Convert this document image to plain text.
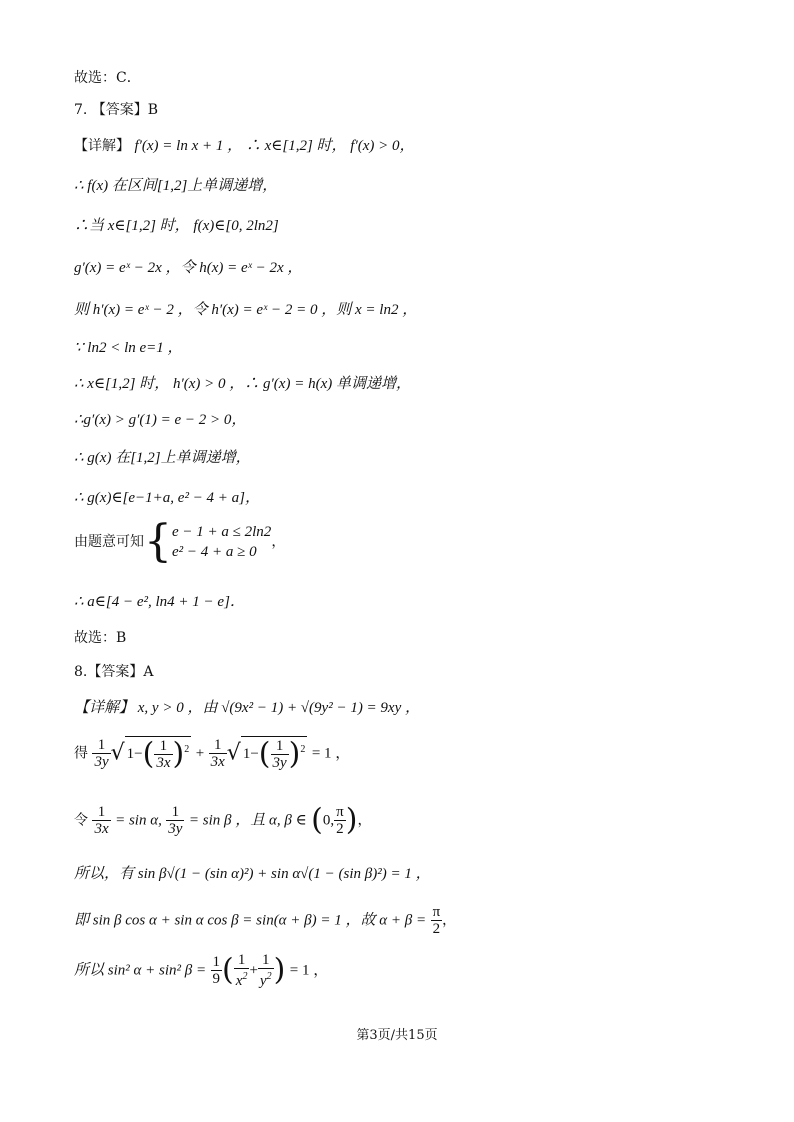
故选：C．
7. 【答案】B
【详解】 f′(x) = ln x + 1 ， ∴ x∈[1,2] 时， f′(x) > 0，
∴ f(x) 在区间[1,2]上单调递增，
∴当 x∈[1,2] 时， f(x)∈[0, 2ln2]
g′(x) = eˣ − 2x ，令 h(x) = eˣ − 2x ，
则 h′(x) = eˣ − 2 ，令 h′(x) = eˣ − 2 = 0 ，则 x = ln2 ，
∵ ln2 < ln e=1 ，
∴ x∈[1,2] 时， h′(x) > 0 ，∴ g′(x) = h(x) 单调递增，
∴g′(x) > g′(1) = e − 2 > 0，
∴ g(x) 在[1,2]上单调递增，
∴ g(x)∈[e−1+a, e² − 4 + a]，
由题意可知{ e − 1 + a ≤ 2ln2
e² − 4 + a ≥ 0
，
∴ a∈[4 − e², ln4 + 1 − e]．
故选：B
8.【答案】A
【详解】 x, y > 0 ，由 √(9x² − 1) + √(9y² − 1) = 9xy ，
得 $\frac{1}{3y}$ √ $1-( \frac{1}{3x} )^2 + \frac{1}{3x}$ √ $1-( \frac{1}{3y} )^2 = 1$ ，
令 $\frac{1}{3x} = \sin \alpha$, $\frac{1}{3y} = \sin \beta$ ，且 α, β ∈ (0, $\frac{\pi}{2}$ )，
所以，有 sin β√(1 − (sin α)²) + sin α√(1 − (sin β)²) = 1 ，
即 sin β cos α + sin α cos β = sin(α + β) = 1 ，故 $\alpha + \beta = \frac{\pi}{2}$ ，
所以 sin² α + sin² $\beta = \frac{1}{9}$ ( $\frac{1}{x^2} + \frac{1}{y^2}$ ) = 1 ，
第3页/共15页
